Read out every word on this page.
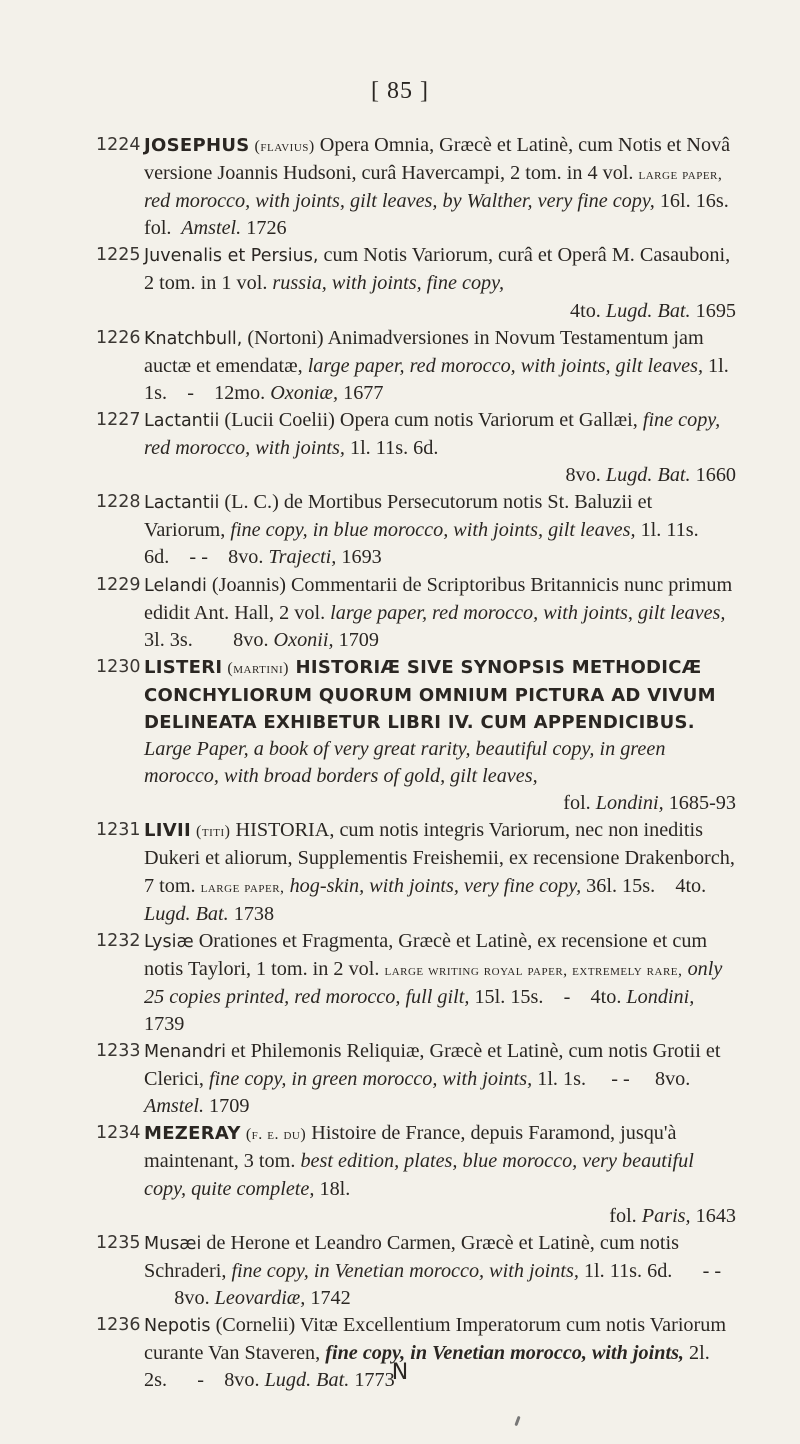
[ 85 ]

1224 JOSEPHUS (flavius) Opera Omnia, Græcè et Latinè, cum Notis et Novâ versione Joannis Hudsoni, curâ Havercampi, 2 tom. in 4 vol. large paper, red morocco, with joints, gilt leaves, by Walther, very fine copy, 16l. 16s. fol.  Amstel. 1726

1225 Juvenalis et Persius, cum Notis Variorum, curâ et Operâ M. Casauboni, 2 tom. in 1 vol. russia, with joints, fine copy,
4to. Lugd. Bat. 1695

1226 Knatchbull, (Nortoni) Animadversiones in Novum Testamentum jam auctæ et emendatæ, large paper, red morocco, with joints, gilt leaves, 1l. 1s. - 12mo. Oxoniæ, 1677

1227 Lactantii (Lucii Coelii) Opera cum notis Variorum et Gallæi, fine copy, red morocco, with joints, 1l. 11s. 6d.
8vo. Lugd. Bat. 1660

1228 Lactantii (L. C.) de Mortibus Persecutorum notis St. Baluzii et Variorum, fine copy, in blue morocco, with joints, gilt leaves, 1l. 11s. 6d. - - 8vo. Trajecti, 1693

1229 Lelandi (Joannis) Commentarii de Scriptoribus Britannicis nunc primum edidit Ant. Hall, 2 vol. large paper, red morocco, with joints, gilt leaves, 3l. 3s. 8vo. Oxonii, 1709

1230 LISTERI (martini) HISTORIÆ SIVE SYNOPSIS METHODICÆ CONCHYLIORUM QUORUM OMNIUM PICTURA AD VIVUM DELINEATA EXHIBETUR LIBRI IV. CUM APPENDICIBUS.
Large Paper, a book of very great rarity, beautiful copy, in green morocco, with broad borders of gold, gilt leaves,
fol. Londini, 1685-93

1231 LIVII (titi) HISTORIA, cum notis integris Variorum, nec non ineditis Dukeri et aliorum, Supplementis Freishemii, ex recensione Drakenborch, 7 tom. large paper, hog-skin, with joints, very fine copy, 36l. 15s. 4to. Lugd. Bat. 1738

1232 Lysiæ Orationes et Fragmenta, Græcè et Latinè, ex recensione et cum notis Taylori, 1 tom. in 2 vol. large writing royal paper, extremely rare, only 25 copies printed, red morocco, full gilt, 15l. 15s. - 4to. Londini, 1739

1233 Menandri et Philemonis Reliquiæ, Græcè et Latinè, cum notis Grotii et Clerici, fine copy, in green morocco, with joints, 1l. 1s. - - 8vo. Amstel. 1709

1234 MEZERAY (f. e. du) Histoire de France, depuis Faramond, jusqu'à maintenant, 3 tom. best edition, plates, blue morocco, very beautiful copy, quite complete, 18l.
fol. Paris, 1643

1235 Musæi de Herone et Leandro Carmen, Græcè et Latinè, cum notis Schraderi, fine copy, in Venetian morocco, with joints, 1l. 11s. 6d. - -      8vo. Leovardiæ, 1742

1236 Nepotis (Cornelii) Vitæ Excellentium Imperatorum cum notis Variorum curante Van Staveren, fine copy, in Venetian morocco, with joints, 2l. 2s. - 8vo. Lugd. Bat. 1773

N
